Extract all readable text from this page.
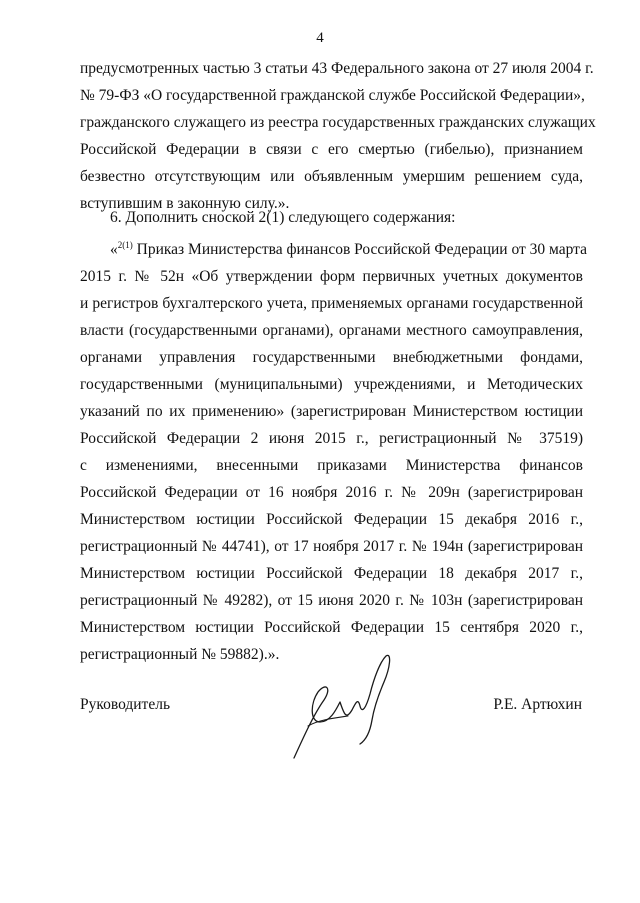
4
предусмотренных частью 3 статьи 43 Федерального закона от 27 июля 2004 г.
№ 79-ФЗ «О государственной гражданской службе Российской Федерации»,
гражданского служащего из реестра государственных гражданских служащих
Российской Федерации в связи с его смертью (гибелью), признанием
безвестно отсутствующим или объявленным умершим решением суда,
вступившим в законную силу.».
6. Дополнить сноской 2(1) следующего содержания:
«$^{2(1)}$ Приказ Министерства финансов Российской Федерации от 30 марта
2015 г. № 52н «Об утверждении форм первичных учетных документов
и регистров бухгалтерского учета, применяемых органами государственной
власти (государственными органами), органами местного самоуправления,
органами управления государственными внебюджетными фондами,
государственными (муниципальными) учреждениями, и Методических
указаний по их применению» (зарегистрирован Министерством юстиции
Российской Федерации 2 июня 2015 г., регистрационный № 37519)
с изменениями, внесенными приказами Министерства финансов
Российской Федерации от 16 ноября 2016 г. № 209н (зарегистрирован
Министерством юстиции Российской Федерации 15 декабря 2016 г.,
регистрационный № 44741), от 17 ноября 2017 г. № 194н (зарегистрирован
Министерством юстиции Российской Федерации 18 декабря 2017 г.,
регистрационный № 49282), от 15 июня 2020 г. № 103н (зарегистрирован
Министерством юстиции Российской Федерации 15 сентября 2020 г.,
регистрационный № 59882).».
Руководитель	Р.Е. Артюхин
